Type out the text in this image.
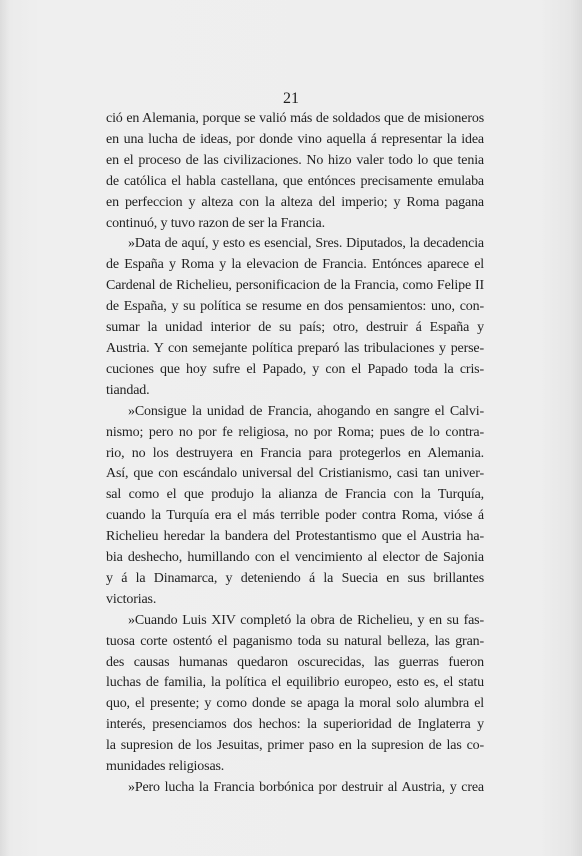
21

ció en Alemania, porque se valió más de soldados que de misioneros
en una lucha de ideas, por donde vino aquella á representar la idea
en el proceso de las civilizaciones. No hizo valer todo lo que tenia
de católica el habla castellana, que entónces precisamente emulaba
en perfeccion y alteza con la alteza del imperio; y Roma pagana
continuó, y tuvo razon de ser la Francia.
»Data de aquí, y esto es esencial, Sres. Diputados, la decadencia
de España y Roma y la elevacion de Francia. Entónces aparece el
Cardenal de Richelieu, personificacion de la Francia, como Felipe II
de España, y su política se resume en dos pensamientos: uno, con-
sumar la unidad interior de su país; otro, destruir á España y
Austria. Y con semejante política preparó las tribulaciones y perse-
cuciones que hoy sufre el Papado, y con el Papado toda la cris-
tiandad.
»Consigue la unidad de Francia, ahogando en sangre el Calvi-
nismo; pero no por fe religiosa, no por Roma; pues de lo contra-
rio, no los destruyera en Francia para protegerlos en Alemania.
Así, que con escándalo universal del Cristianismo, casi tan univer-
sal como el que produjo la alianza de Francia con la Turquía,
cuando la Turquía era el más terrible poder contra Roma, vióse á
Richelieu heredar la bandera del Protestantismo que el Austria ha-
bia deshecho, humillando con el vencimiento al elector de Sajonia
y á la Dinamarca, y deteniendo á la Suecia en sus brillantes
victorias.
»Cuando Luis XIV completó la obra de Richelieu, y en su fas-
tuosa corte ostentó el paganismo toda su natural belleza, las gran-
des causas humanas quedaron oscurecidas, las guerras fueron
luchas de familia, la política el equilibrio europeo, esto es, el statu
quo, el presente; y como donde se apaga la moral solo alumbra el
interés, presenciamos dos hechos: la superioridad de Inglaterra y
la supresion de los Jesuitas, primer paso en la supresion de las co-
munidades religiosas.
»Pero lucha la Francia borbónica por destruir al Austria, y crea
